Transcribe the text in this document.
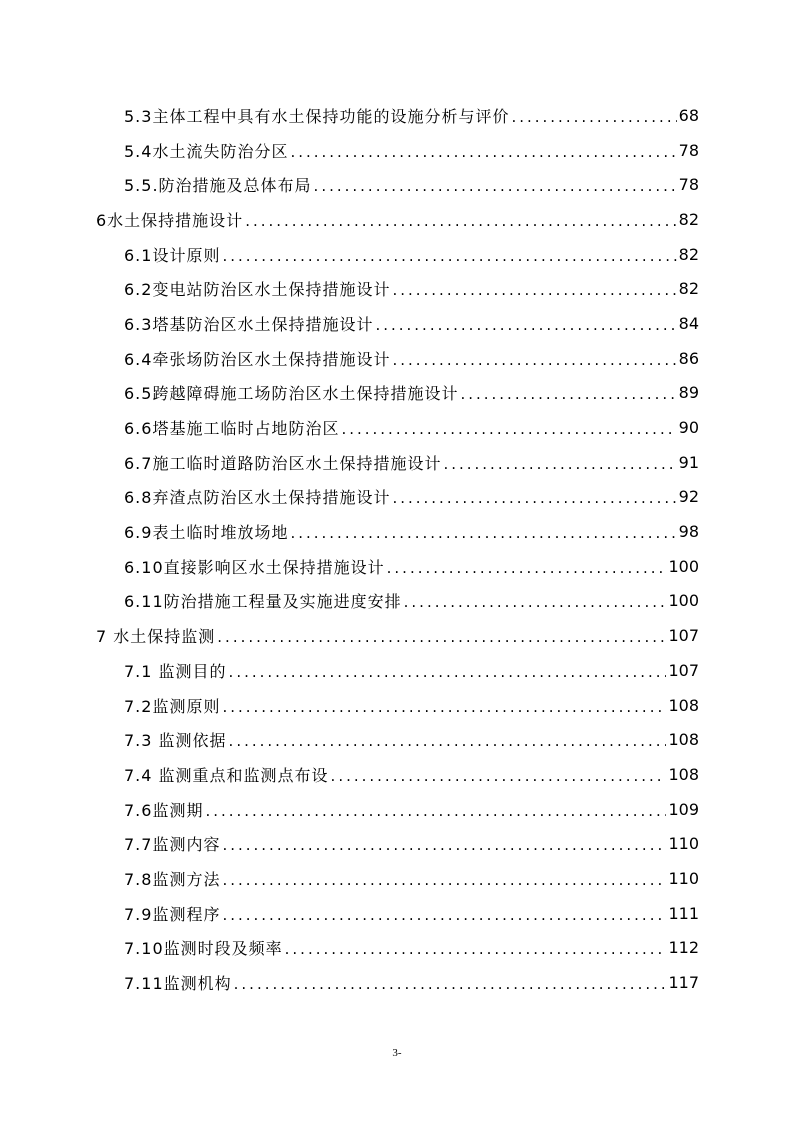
5.3主体工程中具有水土保持功能的设施分析与评价 .....	68
5.4水土流失防治分区 .....	78
5.5.防治措施及总体布局 .....	78
6水土保持措施设计 .....	82
6.1设计原则 .....	82
6.2变电站防治区水土保持措施设计 .....	82
6.3塔基防治区水土保持措施设计 .....	84
6.4牵张场防治区水土保持措施设计 .....	86
6.5跨越障碍施工场防治区水土保持措施设计 .....	89
6.6塔基施工临时占地防治区 .....	90
6.7施工临时道路防治区水土保持措施设计 .....	91
6.8弃渣点防治区水土保持措施设计 .....	92
6.9表土临时堆放场地 .....	98
6.10直接影响区水土保持措施设计 .....	100
6.11防治措施工程量及实施进度安排 .....	100
7 水土保持监测 .....	107
7.1 监测目的 .....	107
7.2监测原则 .....	108
7.3 监测依据 .....	108
7.4 监测重点和监测点布设 .....	108
7.6监测期 .....	109
7.7监测内容 .....	110
7.8监测方法 .....	110
7.9监测程序 .....	111
7.10监测时段及频率 .....	112
7.11监测机构 .....	117
3-
